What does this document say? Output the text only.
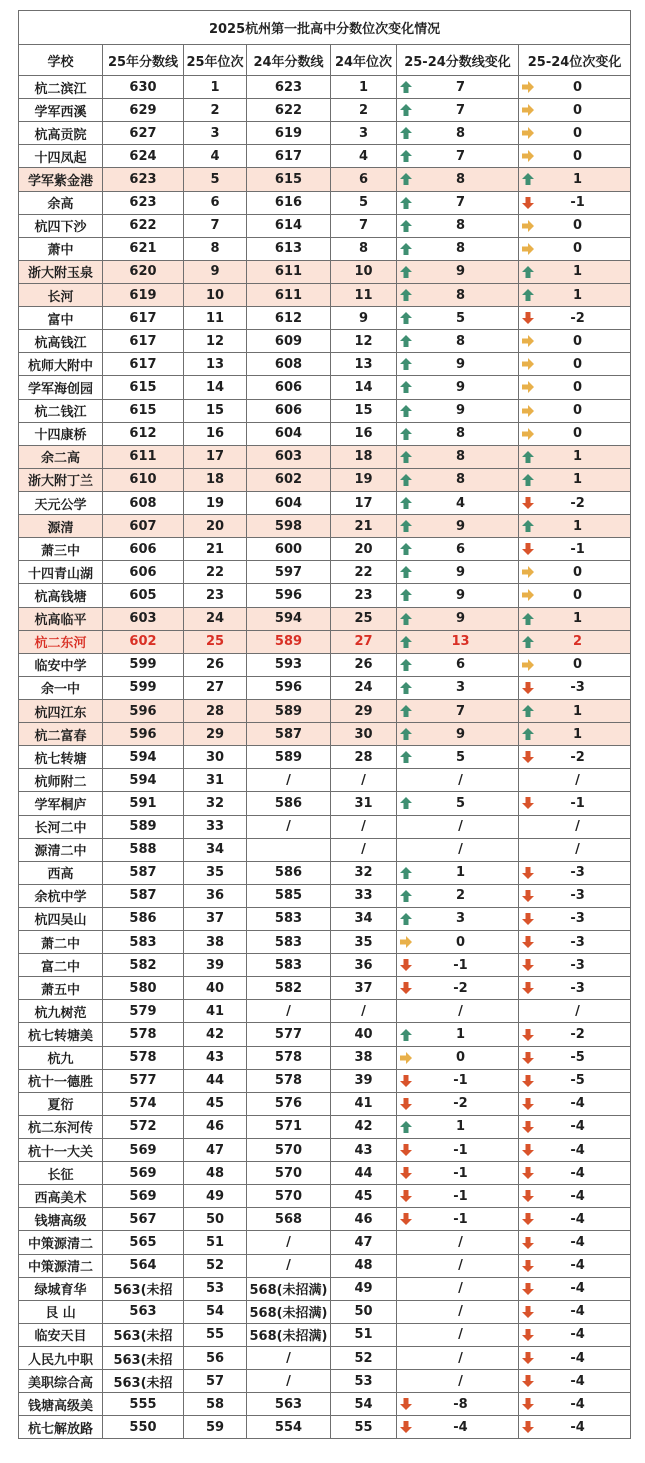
2025杭州第一批高中分数位次变化情况						
学校	25年分数线	25年位次	24年分数线	24年位次	25-24分数线变化	25-24位次变化
杭二滨江	630	1	623	1	7	0

学军西溪	629	2	622	2	7	0

杭高贡院	627	3	619	3	8	0

十四凤起	624	4	617	4	7	0

学军紫金港	623	5	615	6	8	1

余高	623	6	616	5	7	-1

杭四下沙	622	7	614	7	8	0

萧中	621	8	613	8	8	0

浙大附玉泉	620	9	611	10	9	1

长河	619	10	611	11	8	1

富中	617	11	612	9	5	-2

杭高钱江	617	12	609	12	8	0

杭师大附中	617	13	608	13	9	0

学军海创园	615	14	606	14	9	0

杭二钱江	615	15	606	15	9	0

十四康桥	612	16	604	16	8	0

余二高	611	17	603	18	8	1

浙大附丁兰	610	18	602	19	8	1

天元公学	608	19	604	17	4	-2

源清	607	20	598	21	9	1

萧三中	606	21	600	20	6	-1

十四青山湖	606	22	597	22	9	0

杭高钱塘	605	23	596	23	9	0

杭高临平	603	24	594	25	9	1

杭二东河	602	25	589	27	13	2

临安中学	599	26	593	26	6	0

余一中	599	27	596	24	3	-3

杭四江东	596	28	589	29	7	1

杭二富春	596	29	587	30	9	1

杭七转塘	594	30	589	28	5	-2

杭师附二	594	31	/	/	/	/

学军桐庐	591	32	586	31	5	-1

长河二中	589	33	/	/	/	/

源清二中	588	34		/	/	/

西高	587	35	586	32	1	-3

余杭中学	587	36	585	33	2	-3

杭四吴山	586	37	583	34	3	-3

萧二中	583	38	583	35	0	-3

富二中	582	39	583	36	-1	-3

萧五中	580	40	582	37	-2	-3

杭九树范	579	41	/	/	/	/

杭七转塘美	578	42	577	40	1	-2

杭九	578	43	578	38	0	-5

杭十一德胜	577	44	578	39	-1	-5

夏衍	574	45	576	41	-2	-4

杭二东河传	572	46	571	42	1	-4

杭十一大关	569	47	570	43	-1	-4

长征	569	48	570	44	-1	-4

西高美术	569	49	570	45	-1	-4

钱塘高级	567	50	568	46	-1	-4

中策源清二	565	51	/	47	/	-4

中策源清二	564	52	/	48	/	-4

绿城育华	563(未招	53	568(未招满)	49	/	-4

艮 山	563	54	568(未招满)	50	/	-4

临安天目	563(未招	55	568(未招满)	51	/	-4

人民九中职	563(未招	56	/	52	/	-4

美职综合高	563(未招	57	/	53	/	-4

钱塘高级美	555	58	563	54	-8	-4

杭七解放路	550	59	554	55	-4	-4
